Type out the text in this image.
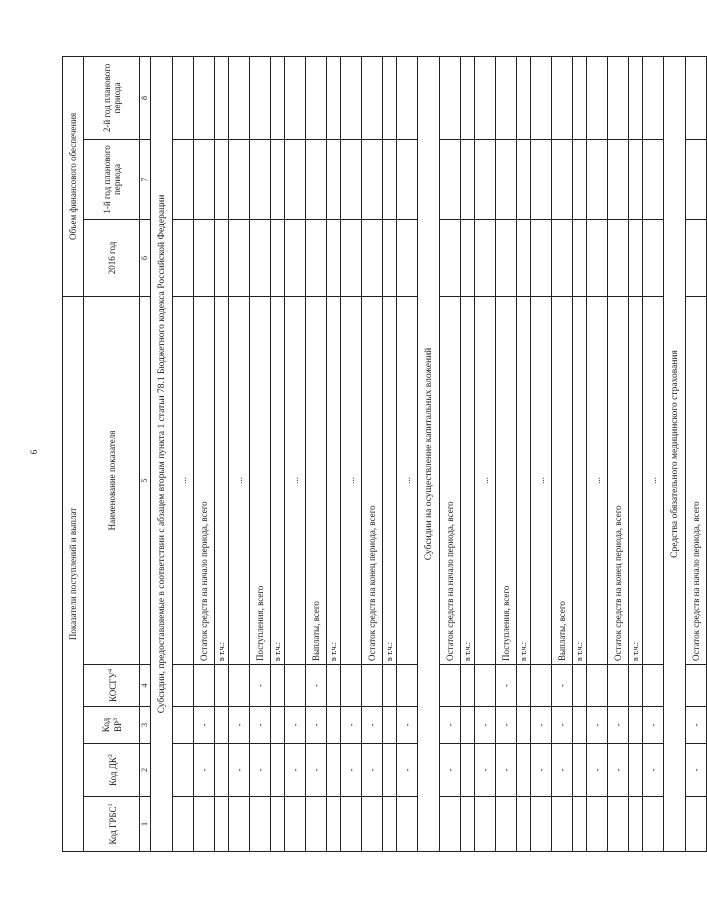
6
Показатели поступлений и выплат					Объем финансового обеспечения		
Код ГРБС$^1$	Код $ДК^2$	Код $ВР^3$	КОСГУ$^4$	Наименование показателя	2016 год	1-й год планового периода	2-й год планового периода
1	2	3	4	5	6	7	8
Субсидии, предоставляемые в соответствии с абзацем вторым пункта 1 статьи 78.1 Бюджетного кодекса Российской Федерации							
				...			
	-	-		Остаток средств на начало периода, всего			
				в т.ч.:			
	-	-		...			
	-	-	-	Поступления, всего			
				в т.ч.:			
	-	-		...			
	-	-	-	Выплаты, всего			
				в т.ч.:			
	-	-		...			
	-	-		Остаток средств на конец периода, всего			
				в т.ч.:			
	-	-		...			
Субсидии на осуществление капитальных вложений							
	-	-		Остаток средств на начало периода, всего			
				в т.ч.:			
	-	-		...			
	-	-	-	Поступления, всего			
				в т.ч.:			
	-	-		...			
	-	-	-	Выплаты, всего			
				в т.ч.:			
	-	-		...			
	-	-		Остаток средств на конец периода, всего			
				в т.ч.:			
	-	-		...			
Средства обязательного медицинского страхования							
	-	-		Остаток средств на начало периода, всего			
